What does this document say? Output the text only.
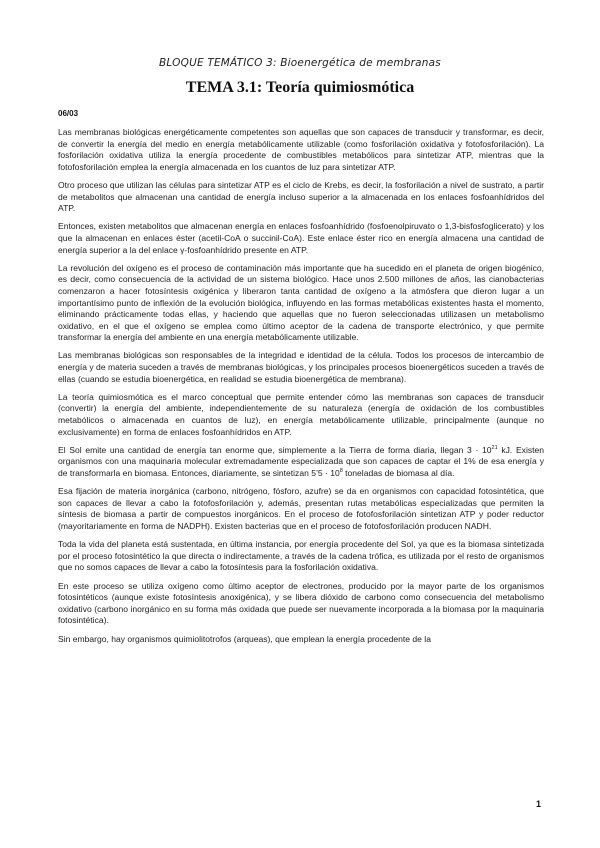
BLOQUE TEMÁTICO 3: Bioenergética de membranas
TEMA 3.1: Teoría quimiosmótica
06/03

Las membranas biológicas energéticamente competentes son aquellas que son capaces de transducir y transformar, es decir, de convertir la energía del medio en energía metabólicamente utilizable (como fosforilación oxidativa y fotofosforilación). La fosforilación oxidativa utiliza la energía procedente de combustibles metabólicos para sintetizar ATP, mientras que la fotofosforilación emplea la energía almacenada en los cuantos de luz para sintetizar ATP.

Otro proceso que utilizan las células para sintetizar ATP es el ciclo de Krebs, es decir, la fosforilación a nivel de sustrato, a partir de metabolitos que almacenan una cantidad de energía incluso superior a la almacenada en los enlaces fosfoanhídridos del ATP.

Entonces, existen metabolitos que almacenan energía en enlaces fosfoanhídrido (fosfoenolpiruvato o 1,3-bisfosfoglicerato) y los que la almacenan en enlaces éster (acetil-CoA o succinil-CoA). Este enlace éster rico en energía almacena una cantidad de energía superior a la del enlace γ-fosfoanhídrido presente en ATP.

La revolución del oxígeno es el proceso de contaminación más importante que ha sucedido en el planeta de origen biogénico, es decir, como consecuencia de la actividad de un sistema biológico. Hace unos 2.500 millones de años, las cianobacterias comenzaron a hacer fotosíntesis oxigénica y liberaron tanta cantidad de oxígeno a la atmósfera que dieron lugar a un importantísimo punto de inflexión de la evolución biológica, influyendo en las formas metabólicas existentes hasta el momento, eliminando prácticamente todas ellas, y haciendo que aquellas que no fueron seleccionadas utilizasen un metabolismo oxidativo, en el que el oxígeno se emplea como último aceptor de la cadena de transporte electrónico, y que permite transformar la energía del ambiente en una energía metabólicamente utilizable.

Las membranas biológicas son responsables de la integridad e identidad de la célula. Todos los procesos de intercambio de energía y de materia suceden a través de membranas biológicas, y los principales procesos bioenergéticos suceden a través de ellas (cuando se estudia bioenergética, en realidad se estudia bioenergética de membrana).

La teoría quimiosmótica es el marco conceptual que permite entender cómo las membranas son capaces de transducir (convertir) la energía del ambiente, independientemente de su naturaleza (energía de oxidación de los combustibles metabólicos o almacenada en cuantos de luz), en energía metabólicamente utilizable, principalmente (aunque no exclusivamente) en forma de enlaces fosfoanhídridos en ATP.

El Sol emite una cantidad de energía tan enorme que, simplemente a la Tierra de forma diaria, llegan $3 \cdot 10^{21}$ kJ. Existen organismos con una maquinaria molecular extremadamente especializada que son capaces de captar el 1% de esa energía y de transformarla en biomasa. Entonces, diariamente, se sintetizan 5’5 · $10^8$ toneladas de biomasa al día.

Esa fijación de materia inorgánica (carbono, nitrógeno, fósforo, azufre) se da en organismos con capacidad fotosintética, que son capaces de llevar a cabo la fotofosforilación y, además, presentan rutas metabólicas especializadas que permiten la síntesis de biomasa a partir de compuestos inorgánicos. En el proceso de fotofosforilación sintetizan ATP y poder reductor (mayoritariamente en forma de NADPH). Existen bacterias que en el proceso de fotofosforilación producen NADH.

Toda la vida del planeta está sustentada, en última instancia, por energía procedente del Sol, ya que es la biomasa sintetizada por el proceso fotosintético la que directa o indirectamente, a través de la cadena trófica, es utilizada por el resto de organismos que no somos capaces de llevar a cabo la fotosíntesis para la fosforilación oxidativa.

En este proceso se utiliza oxígeno como último aceptor de electrones, producido por la mayor parte de los organismos fotosintéticos (aunque existe fotosíntesis anoxigénica), y se libera dióxido de carbono como consecuencia del metabolismo oxidativo (carbono inorgánico en su forma más oxidada que puede ser nuevamente incorporada a la biomasa por la maquinaria fotosintética).

Sin embargo, hay organismos quimiolitotrofos (arqueas), que emplean la energía procedente de la

1
